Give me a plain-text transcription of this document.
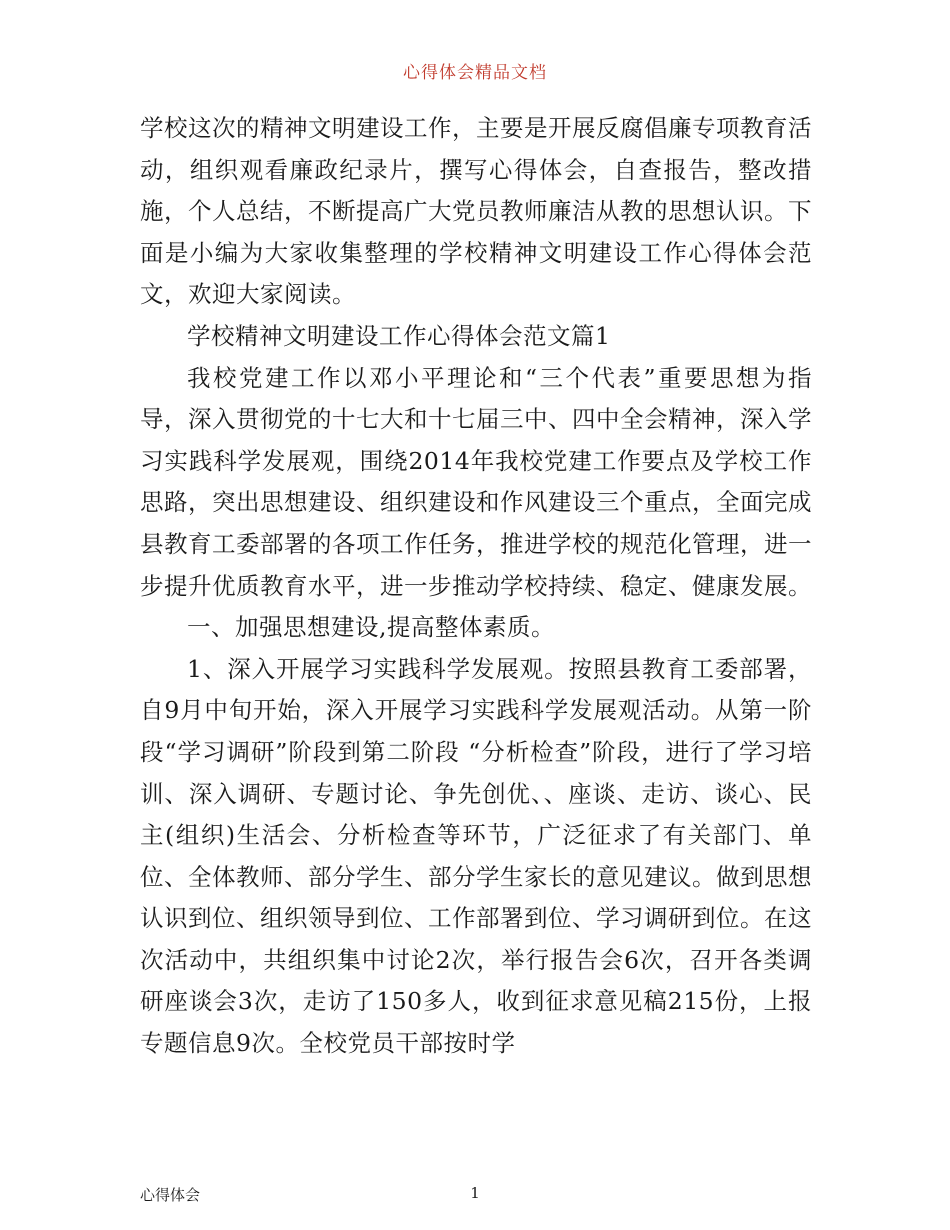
心得体会精品文档

学校这次的精神文明建设工作，主要是开展反腐倡廉专项教育活动，组织观看廉政纪录片，撰写心得体会，自查报告，整改措施，个人总结，不断提高广大党员教师廉洁从教的思想认识。下面是小编为大家收集整理的学校精神文明建设工作心得体会范文，欢迎大家阅读。

学校精神文明建设工作心得体会范文篇1

我校党建工作以邓小平理论和“三个代表”重要思想为指导，深入贯彻党的十七大和十七届三中、四中全会精神，深入学习实践科学发展观，围绕2014年我校党建工作要点及学校工作思路，突出思想建设、组织建设和作风建设三个重点，全面完成县教育工委部署的各项工作任务，推进学校的规范化管理，进一步提升优质教育水平，进一步推动学校持续、稳定、健康发展。

一、加强思想建设,提高整体素质。

1、深入开展学习实践科学发展观。按照县教育工委部署，自9月中旬开始，深入开展学习实践科学发展观活动。从第一阶段“学习调研”阶段到第二阶段 “分析检查”阶段，进行了学习培训、深入调研、专题讨论、争先创优、、座谈、走访、谈心、民主(组织)生活会、分析检查等环节，广泛征求了有关部门、单位、全体教师、部分学生、部分学生家长的意见建议。做到思想认识到位、组织领导到位、工作部署到位、学习调研到位。在这次活动中，共组织集中讨论2次，举行报告会6次，召开各类调研座谈会3次，走访了150多人，收到征求意见稿215份，上报专题信息9次。全校党员干部按时学

心得体会	1
